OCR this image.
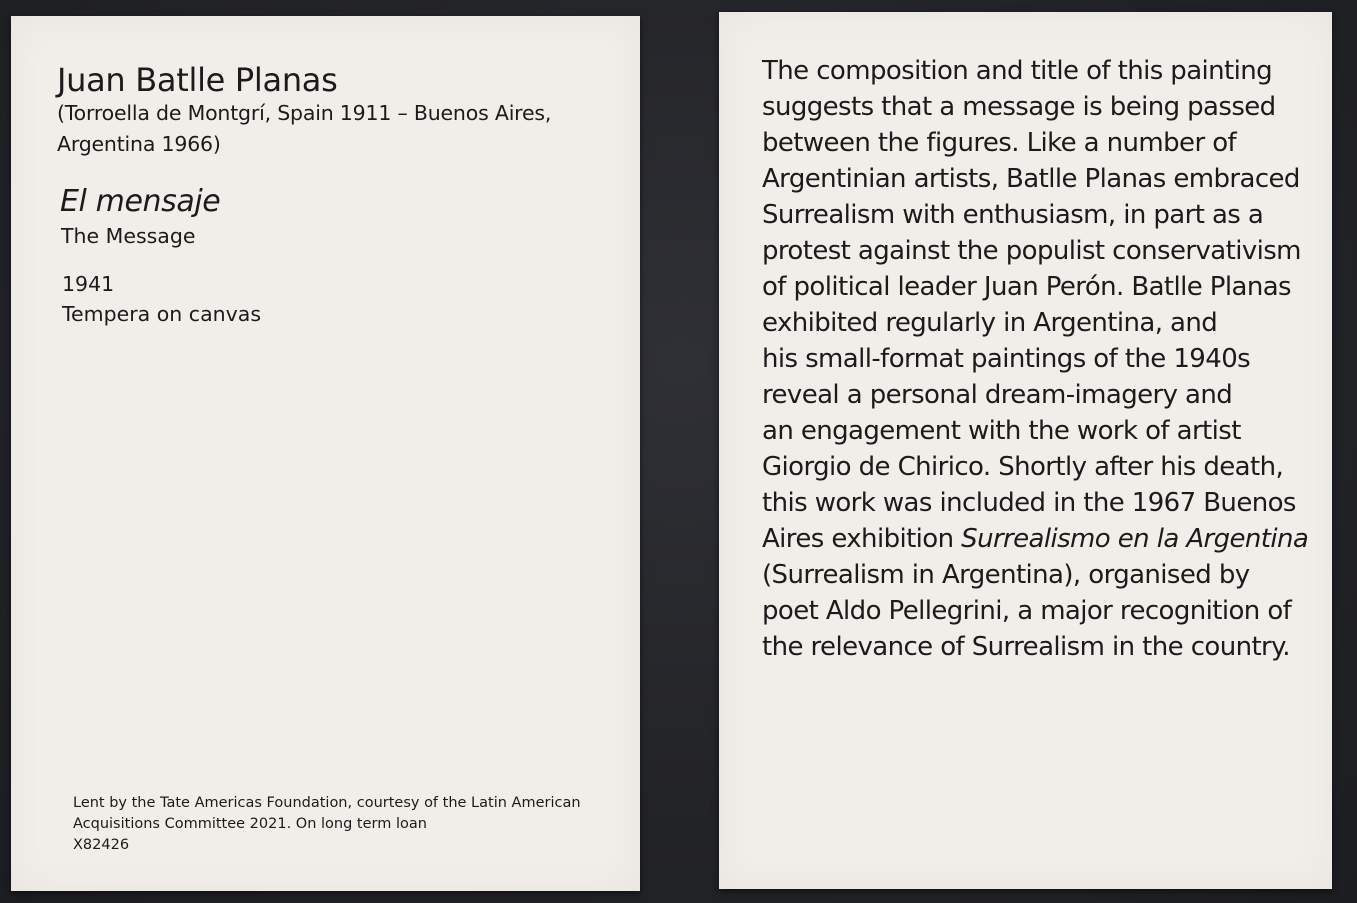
Juan Batlle Planas
(Torroella de Montgrí, Spain 1911 – Buenos Aires, Argentina 1966)
El mensaje
The Message
1941
Tempera on canvas
Lent by the Tate Americas Foundation, courtesy of the Latin American
Acquisitions Committee 2021. On long term loan
X82426
The composition and title of this painting
suggests that a message is being passed
between the figures. Like a number of
Argentinian artists, Batlle Planas embraced
Surrealism with enthusiasm, in part as a
protest against the populist conservativism
of political leader Juan Perón. Batlle Planas
exhibited regularly in Argentina, and
his small-format paintings of the 1940s
reveal a personal dream-imagery and
an engagement with the work of artist
Giorgio de Chirico. Shortly after his death,
this work was included in the 1967 Buenos
Aires exhibition Surrealismo en la Argentina
(Surrealism in Argentina), organised by
poet Aldo Pellegrini, a major recognition of
the relevance of Surrealism in the country.
